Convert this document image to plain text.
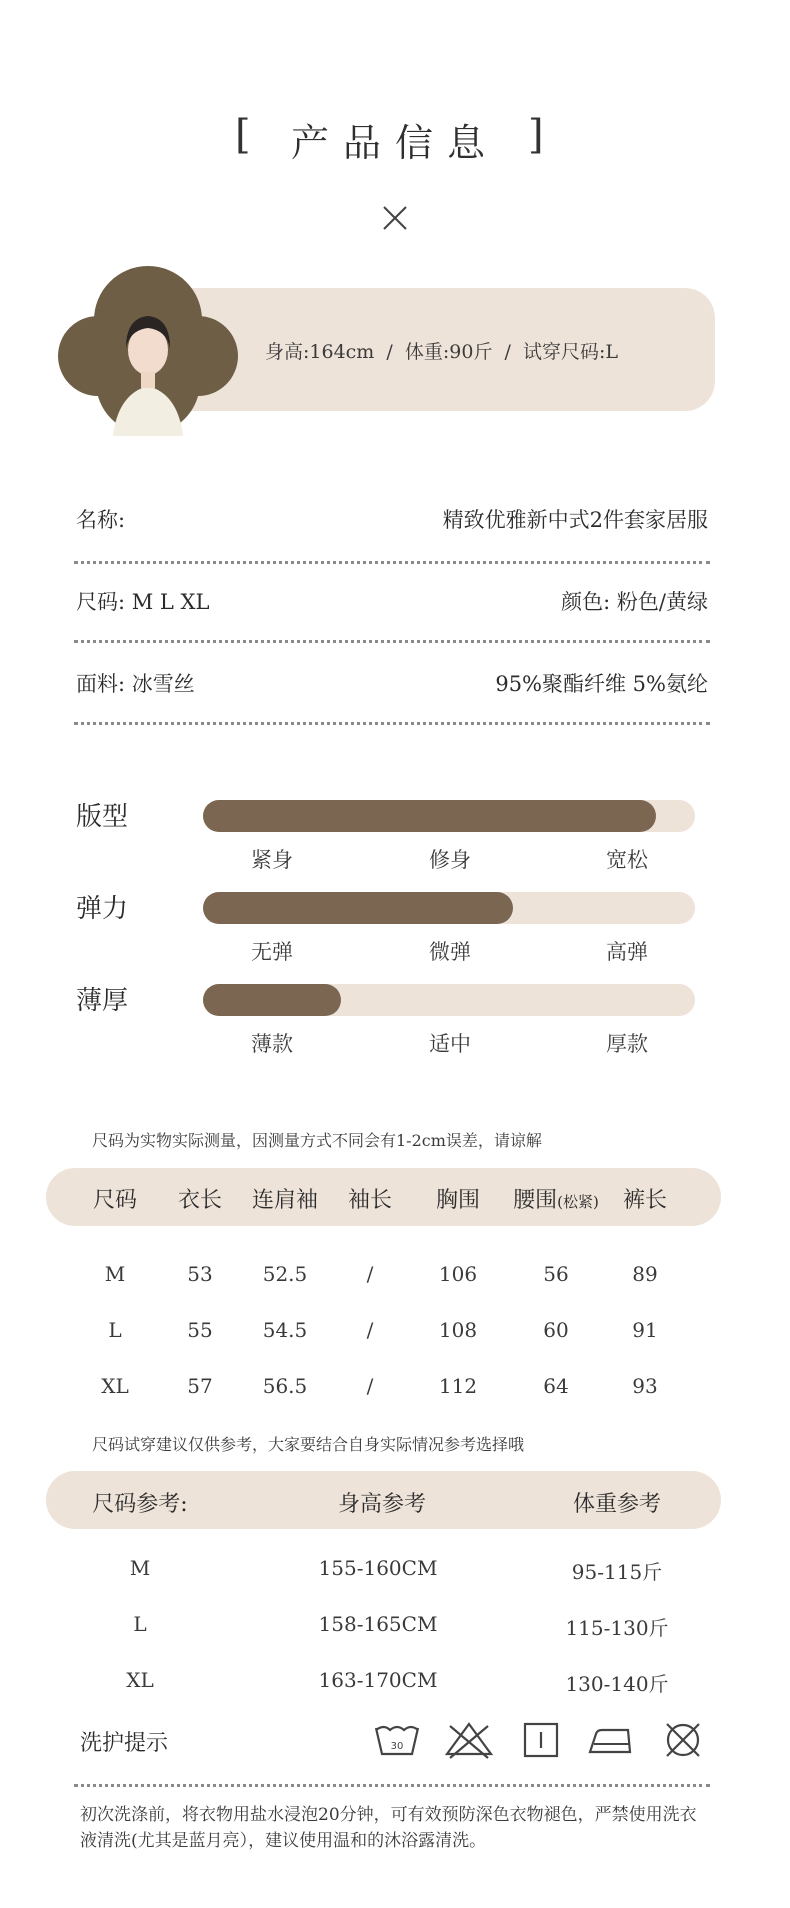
[	产品信息 ]
身高:164cm  /  体重:90斤  /  试穿尺码:L
名称:	精致优雅新中式2件套家居服
尺码: M L XL	颜色: 粉色/黄绿
面料: 冰雪丝	95%聚酯纤维 5%氨纶
版型
紧身	修身	宽松
弹力
无弹	微弹	高弹
薄厚
薄款	适中	厚款
尺码为实物实际测量，因测量方式不同会有1-2cm误差，请谅解
尺码 衣长 连肩袖 袖长 胸围 腰围(松紧) 裤长
M	53	52.5	/	106	56	89
L	55	54.5	/	108	60	91
XL	57	56.5	/	112	64	93
尺码试穿建议仅供参考，大家要结合自身实际情况参考选择哦
尺码参考:	身高参考	体重参考
M	155-160CM	95-115斤
L	158-165CM	115-130斤
XL	163-170CM	130-140斤
洗护提示	30
初次洗涤前，将衣物用盐水浸泡20分钟，可有效预防深色衣物褪色，严禁使用洗衣液清洗(尤其是蓝月亮），建议使用温和的沐浴露清洗。
